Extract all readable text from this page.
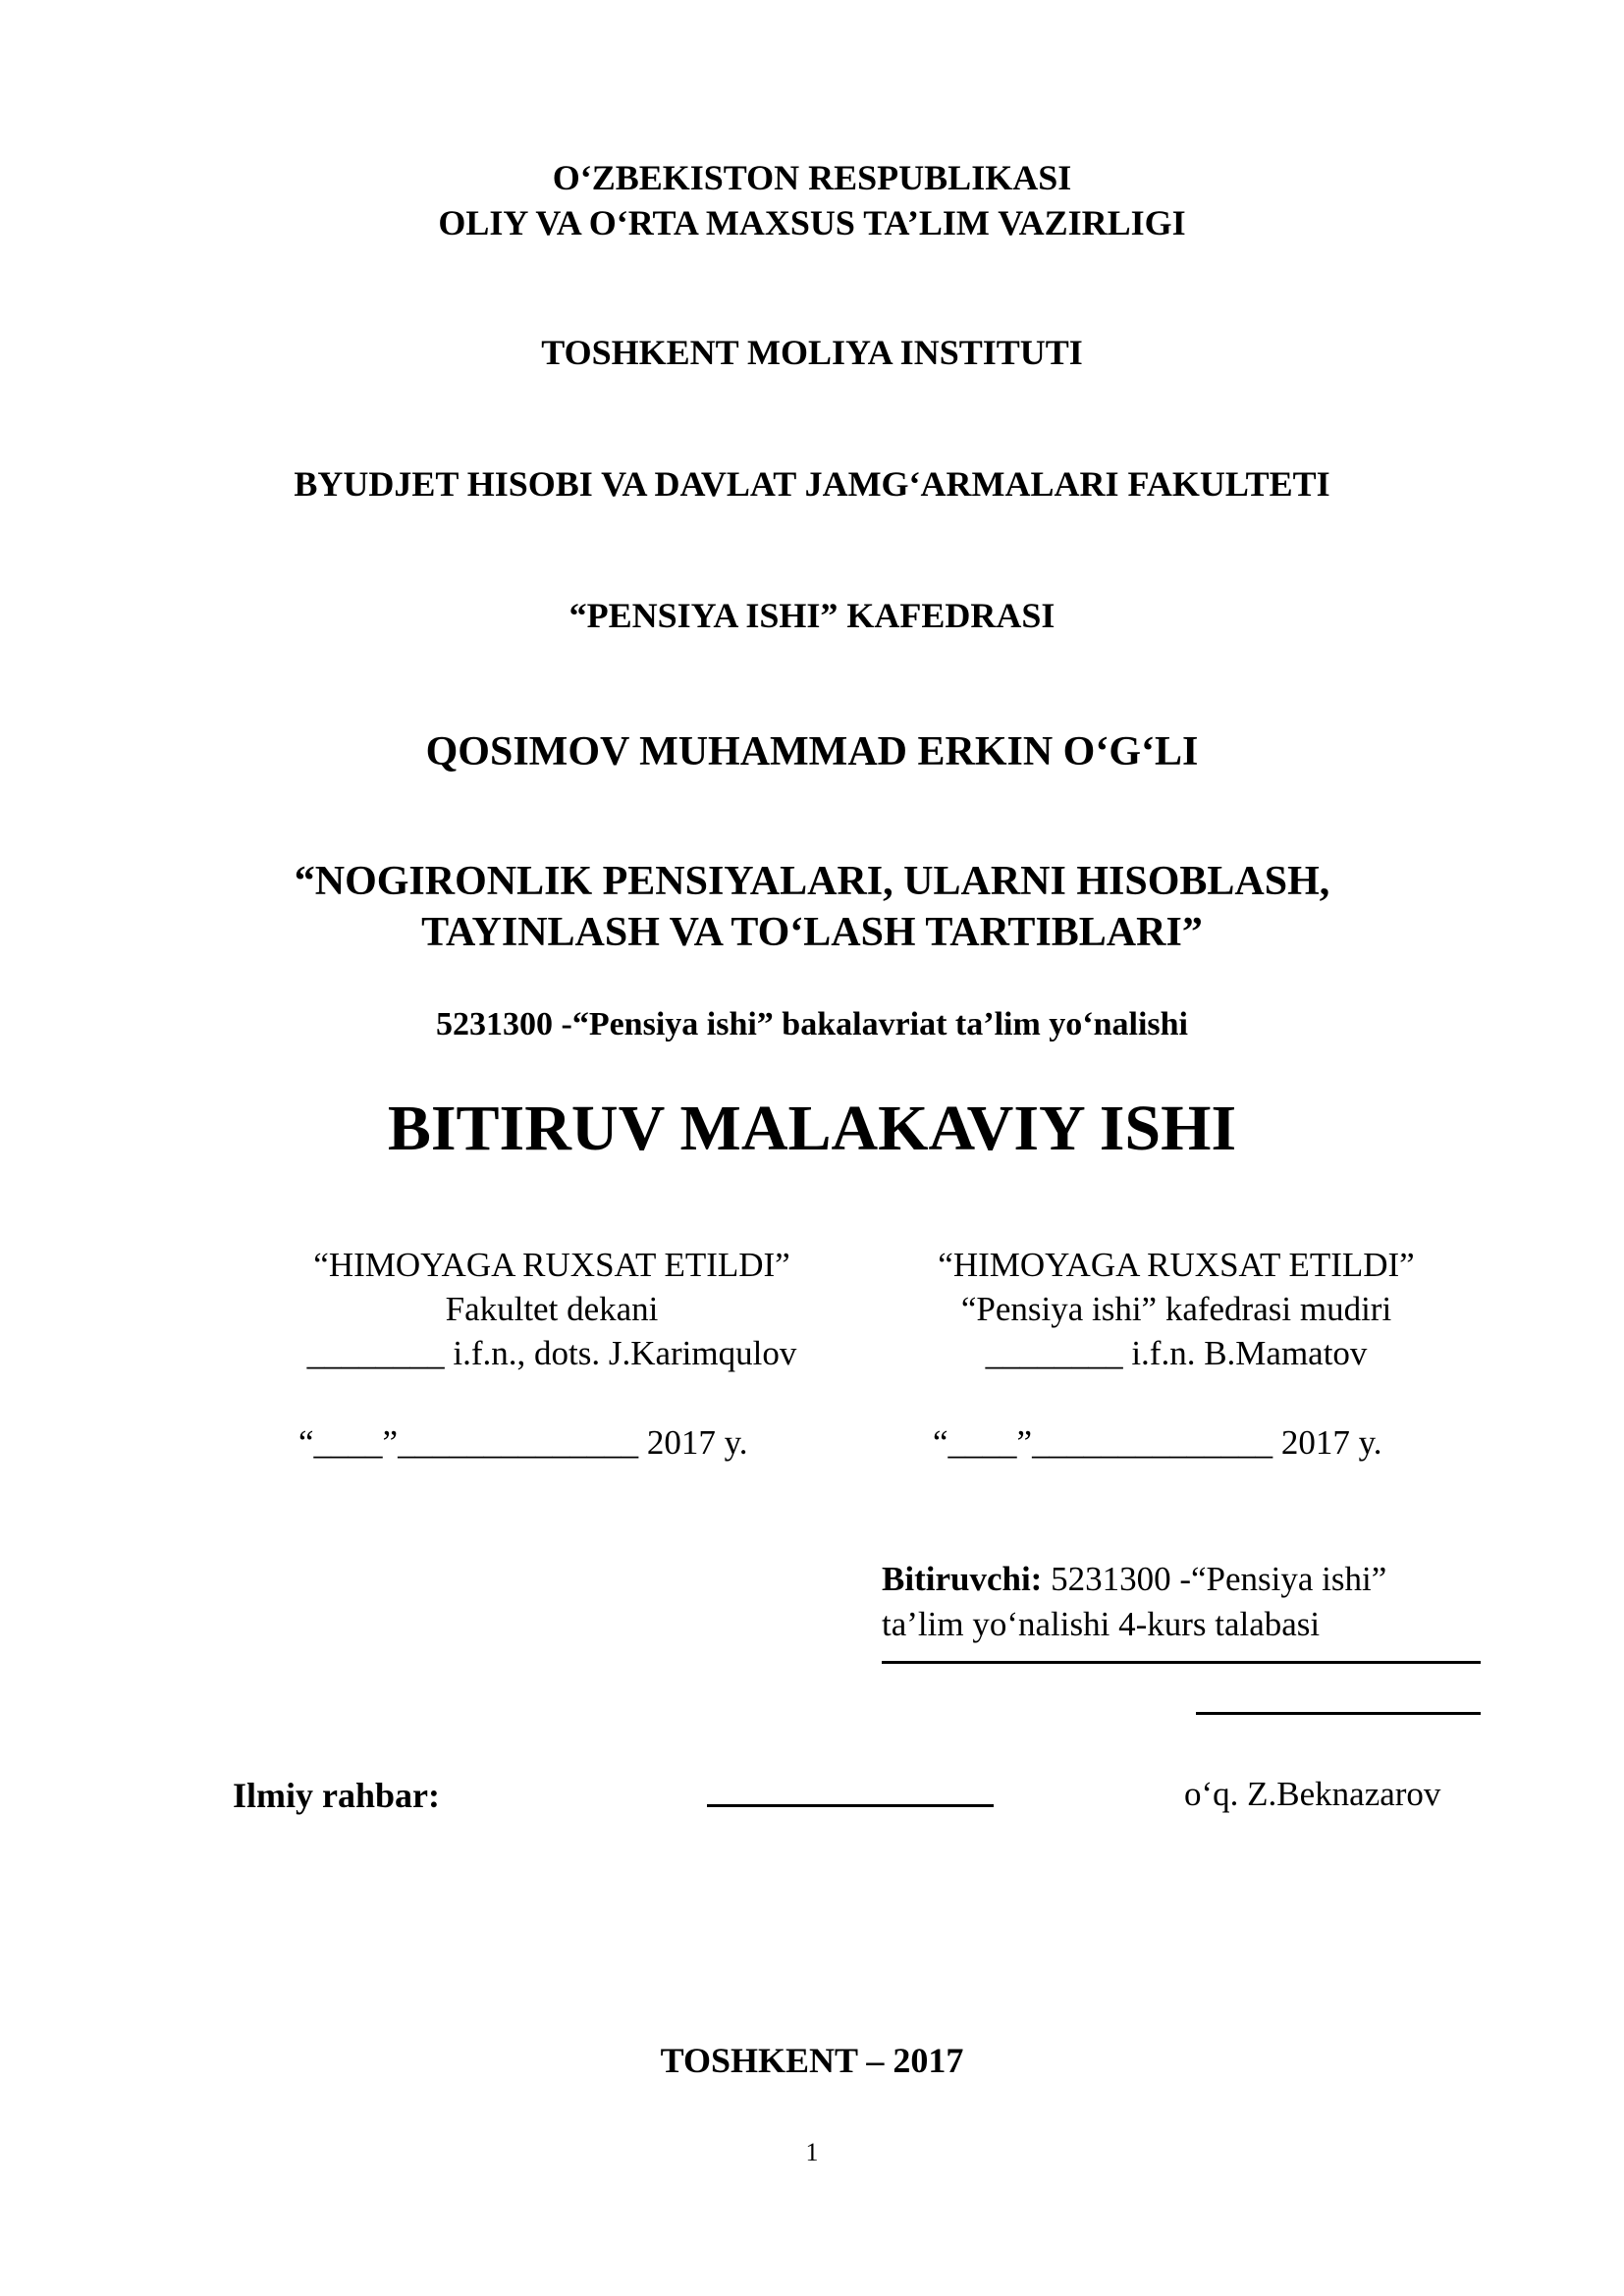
O‘ZBEKISTON RESPUBLIKASI
OLIY VA O‘RTA MAXSUS TA’LIM VAZIRLIGI
TOSHKENT MOLIYA INSTITUTI
BYUDJET HISOBI VA DAVLAT JAMG‘ARMALARI FAKULTETI
“PENSIYA ISHI” KAFEDRASI
QOSIMOV MUHAMMAD ERKIN O‘G‘LI
“NOGIRONLIK PENSIYALARI, ULARNI HISOBLASH,
TAYINLASH VA TO‘LASH TARTIBLARI”
5231300 -“Pensiya ishi” bakalavriat ta’lim yo‘nalishi
BITIRUV MALAKAVIY ISHI
“HIMOYAGA RUXSAT ETILDI”
Fakultet dekani
________ i.f.n., dots. J.Karimqulov
“____”______________ 2017 y.
“HIMOYAGA RUXSAT ETILDI”
“Pensiya ishi” kafedrasi mudiri
________ i.f.n. B.Mamatov
“____”______________ 2017 y.
Bitiruvchi: 5231300 -“Pensiya ishi”
ta’lim yo‘nalishi 4-kurs talabasi
Ilmiy rahbar:	o‘q. Z.Beknazarov
TOSHKENT – 2017
1
